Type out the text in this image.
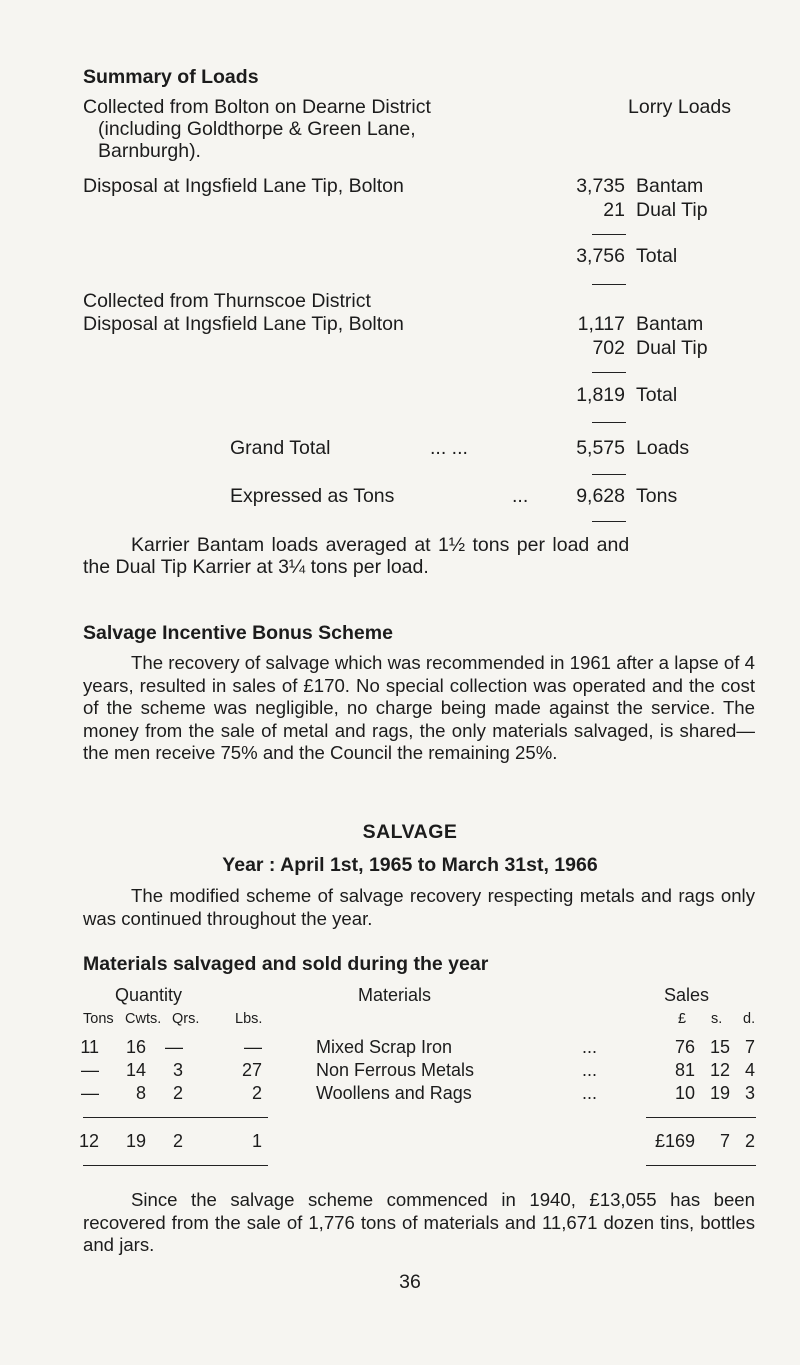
Summary of Loads
Collected from Bolton on Dearne District	Lorry Loads
(including Goldthorpe & Green Lane,
Barnburgh).
Disposal at Ingsfield Lane Tip, Bolton	3,735 Bantam
21 Dual Tip
3,756 Total
Collected from Thurnscoe District
Disposal at Ingsfield Lane Tip, Bolton	1,117 Bantam
702 Dual Tip
1,819 Total
Grand Total	... ...	5,575 Loads
Expressed as Tons	... 9,628 Tons
Karrier Bantam loads averaged at 1½ tons per load and
the Dual Tip Karrier at 3¼ tons per load.
Salvage Incentive Bonus Scheme
The recovery of salvage which was recommended in 1961 after a lapse of 4 years, resulted in sales of £170. No special collection was operated and the cost of the scheme was negligible, no charge being made against the service. The money from the sale of metal and rags, the only materials salvaged, is shared—the men receive 75% and the Council the remaining 25%.
SALVAGE
Year : April 1st, 1965 to March 31st, 1966
The modified scheme of salvage recovery respecting metals and rags only was continued throughout the year.
Materials salvaged and sold during the year
Quantity	Materials	Sales
Tons Cwts. Qrs. Lbs.	£ s. d.
11 16 —	—	Mixed Scrap Iron	...	76 15 7
— 14 3	27	Non Ferrous Metals	...	81 12 4
— 8 2	2	Woollens and Rags	...	10 19 3
12 19 2	1	£169 7 2
Since the salvage scheme commenced in 1940, £13,055 has been recovered from the sale of 1,776 tons of materials and 11,671 dozen tins, bottles and jars.
36
